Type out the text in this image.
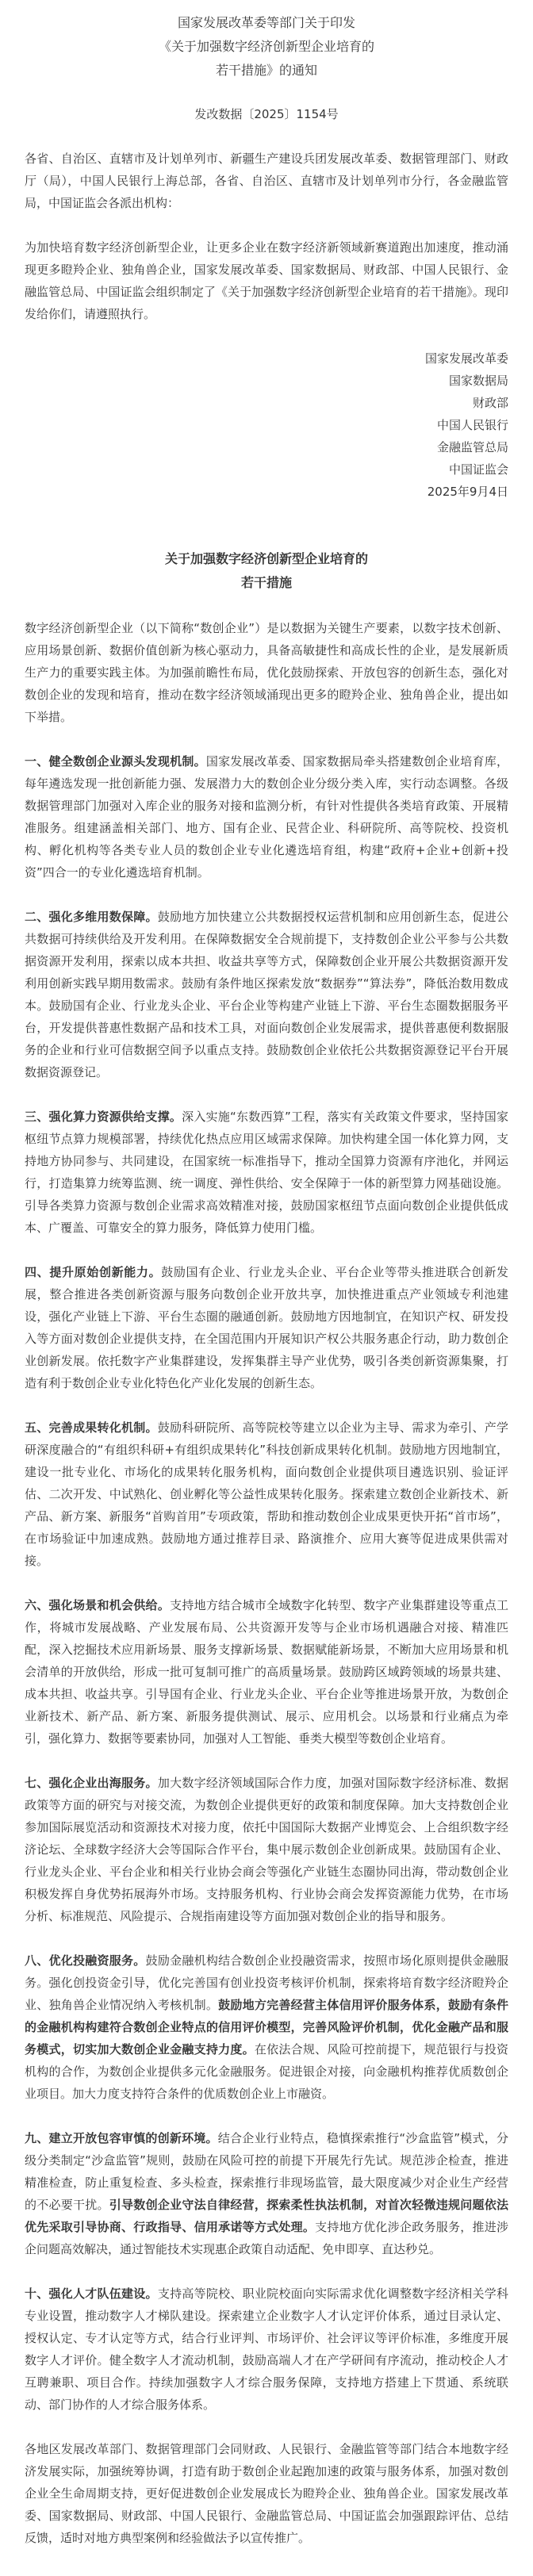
国家发展改革委等部门关于印发
《关于加强数字经济创新型企业培育的
若干措施》的通知
发改数据〔2025〕1154号

各省、自治区、直辖市及计划单列市、新疆生产建设兵团发展改革委、数据管理部门、财政厅（局），中国人民银行上海总部，各省、自治区、直辖市及计划单列市分行，各金融监管局，中国证监会各派出机构：

为加快培育数字经济创新型企业，让更多企业在数字经济新领域新赛道跑出加速度，推动涌现更多瞪羚企业、独角兽企业，国家发展改革委、国家数据局、财政部、中国人民银行、金融监管总局、中国证监会组织制定了《关于加强数字经济创新型企业培育的若干措施》。现印发给你们，请遵照执行。

国家发展改革委
国家数据局
财政部
中国人民银行
金融监管总局
中国证监会
2025年9月4日
关于加强数字经济创新型企业培育的
若干措施

数字经济创新型企业（以下简称“数创企业”）是以数据为关键生产要素，以数字技术创新、应用场景创新、数据价值创新为核心驱动力，具备高敏捷性和高成长性的企业，是发展新质生产力的重要实践主体。为加强前瞻性布局，优化鼓励探索、开放包容的创新生态，强化对数创企业的发现和培育，推动在数字经济领域涌现出更多的瞪羚企业、独角兽企业，提出如下举措。

一、健全数创企业源头发现机制。国家发展改革委、国家数据局牵头搭建数创企业培育库，每年遴选发现一批创新能力强、发展潜力大的数创企业分级分类入库，实行动态调整。各级数据管理部门加强对入库企业的服务对接和监测分析，有针对性提供各类培育政策、开展精准服务。组建涵盖相关部门、地方、国有企业、民营企业、科研院所、高等院校、投资机构、孵化机构等各类专业人员的数创企业专业化遴选培育组，构建“政府+企业+创新+投资”四合一的专业化遴选培育机制。

二、强化多维用数保障。鼓励地方加快建立公共数据授权运营机制和应用创新生态，促进公共数据可持续供给及开发利用。在保障数据安全合规前提下，支持数创企业公平参与公共数据资源开发利用，探索以成本共担、收益共享等方式，保障数创企业开展公共数据资源开发利用创新实践早期用数需求。鼓励有条件地区探索发放“数据券”“算法券”，降低治数用数成本。鼓励国有企业、行业龙头企业、平台企业等构建产业链上下游、平台生态圈数据服务平台，开发提供普惠性数据产品和技术工具，对面向数创企业发展需求，提供普惠便利数据服务的企业和行业可信数据空间予以重点支持。鼓励数创企业依托公共数据资源登记平台开展数据资源登记。

三、强化算力资源供给支撑。深入实施“东数西算”工程，落实有关政策文件要求，坚持国家枢纽节点算力规模部署，持续优化热点应用区域需求保障。加快构建全国一体化算力网，支持地方协同参与、共同建设，在国家统一标准指导下，推动全国算力资源有序池化，并网运行，打造集算力统筹监测、统一调度、弹性供给、安全保障于一体的新型算力网基础设施。引导各类算力资源与数创企业需求高效精准对接，鼓励国家枢纽节点面向数创企业提供低成本、广覆盖、可靠安全的算力服务，降低算力使用门槛。

四、提升原始创新能力。鼓励国有企业、行业龙头企业、平台企业等带头推进联合创新发展，整合推进各类创新资源与服务向数创企业开放共享，加快推进重点产业领域专利池建设，强化产业链上下游、平台生态圈的融通创新。鼓励地方因地制宜，在知识产权、研发投入等方面对数创企业提供支持，在全国范围内开展知识产权公共服务惠企行动，助力数创企业创新发展。依托数字产业集群建设，发挥集群主导产业优势，吸引各类创新资源集聚，打造有利于数创企业专业化特色化产业化发展的创新生态。

五、完善成果转化机制。鼓励科研院所、高等院校等建立以企业为主导、需求为牵引、产学研深度融合的“有组织科研+有组织成果转化”科技创新成果转化机制。鼓励地方因地制宜，建设一批专业化、市场化的成果转化服务机构，面向数创企业提供项目遴选识别、验证评估、二次开发、中试熟化、创业孵化等公益性成果转化服务。探索建立数创企业新技术、新产品、新方案、新服务“首购首用”专项政策，帮助和推动数创企业成果更快开拓“首市场”，在市场验证中加速成熟。鼓励地方通过推荐目录、路演推介、应用大赛等促进成果供需对接。

六、强化场景和机会供给。支持地方结合城市全域数字化转型、数字产业集群建设等重点工作，将城市发展战略、产业发展布局、公共资源开发等与企业市场机遇融合对接、精准匹配，深入挖掘技术应用新场景、服务支撑新场景、数据赋能新场景，不断加大应用场景和机会清单的开放供给，形成一批可复制可推广的高质量场景。鼓励跨区域跨领域的场景共建、成本共担、收益共享。引导国有企业、行业龙头企业、平台企业等推进场景开放，为数创企业新技术、新产品、新方案、新服务提供测试、展示、应用机会。以场景和行业痛点为牵引，强化算力、数据等要素协同，加强对人工智能、垂类大模型等数创企业培育。

七、强化企业出海服务。加大数字经济领域国际合作力度，加强对国际数字经济标准、数据政策等方面的研究与对接交流，为数创企业提供更好的政策和制度保障。加大支持数创企业参加国际展览活动和资源技术对接力度，依托中国国际大数据产业博览会、上合组织数字经济论坛、全球数字经济大会等国际合作平台，集中展示数创企业创新成果。鼓励国有企业、行业龙头企业、平台企业和相关行业协会商会等强化产业链生态圈协同出海，带动数创企业积极发挥自身优势拓展海外市场。支持服务机构、行业协会商会发挥资源能力优势，在市场分析、标准规范、风险提示、合规指南建设等方面加强对数创企业的指导和服务。

八、优化投融资服务。鼓励金融机构结合数创企业投融资需求，按照市场化原则提供金融服务。强化创投资金引导，优化完善国有创业投资考核评价机制，探索将培育数字经济瞪羚企业、独角兽企业情况纳入考核机制。鼓励地方完善经营主体信用评价服务体系，鼓励有条件的金融机构构建符合数创企业特点的信用评价模型，完善风险评价机制，优化金融产品和服务模式，切实加大数创企业金融支持力度。在依法合规、风险可控前提下，规范银行与投资机构的合作，为数创企业提供多元化金融服务。促进银企对接，向金融机构推荐优质数创企业项目。加大力度支持符合条件的优质数创企业上市融资。

九、建立开放包容审慎的创新环境。结合企业行业特点，稳慎探索推行“沙盒监管”模式，分级分类制定“沙盒监管”规则，鼓励在风险可控的前提下开展先行先试。规范涉企检查，推进精准检查，防止重复检查、多头检查，探索推行非现场监管，最大限度减少对企业生产经营的不必要干扰。引导数创企业守法自律经营，探索柔性执法机制，对首次轻微违规问题依法优先采取引导协商、行政指导、信用承诺等方式处理。支持地方优化涉企政务服务，推进涉企问题高效解决，通过智能技术实现惠企政策自动适配、免申即享、直达秒兑。

十、强化人才队伍建设。支持高等院校、职业院校面向实际需求优化调整数字经济相关学科专业设置，推动数字人才梯队建设。探索建立企业数字人才认定评价体系，通过目录认定、授权认定、专才认定等方式，结合行业评判、市场评价、社会评议等评价标准，多维度开展数字人才评价。健全数字人才流动机制，鼓励高端人才在产学研间有序流动，推动校企人才互聘兼职、项目合作。持续加强数字人才综合服务保障，支持地方搭建上下贯通、系统联动、部门协作的人才综合服务体系。

各地区发展改革部门、数据管理部门会同财政、人民银行、金融监管等部门结合本地数字经济发展实际，加强统筹协调，打造有助于数创企业起跑加速的政策与服务体系，加强对数创企业全生命周期支持，更好促进数创企业发展成长为瞪羚企业、独角兽企业。国家发展改革委、国家数据局、财政部、中国人民银行、金融监管总局、中国证监会加强跟踪评估、总结反馈，适时对地方典型案例和经验做法予以宣传推广。
